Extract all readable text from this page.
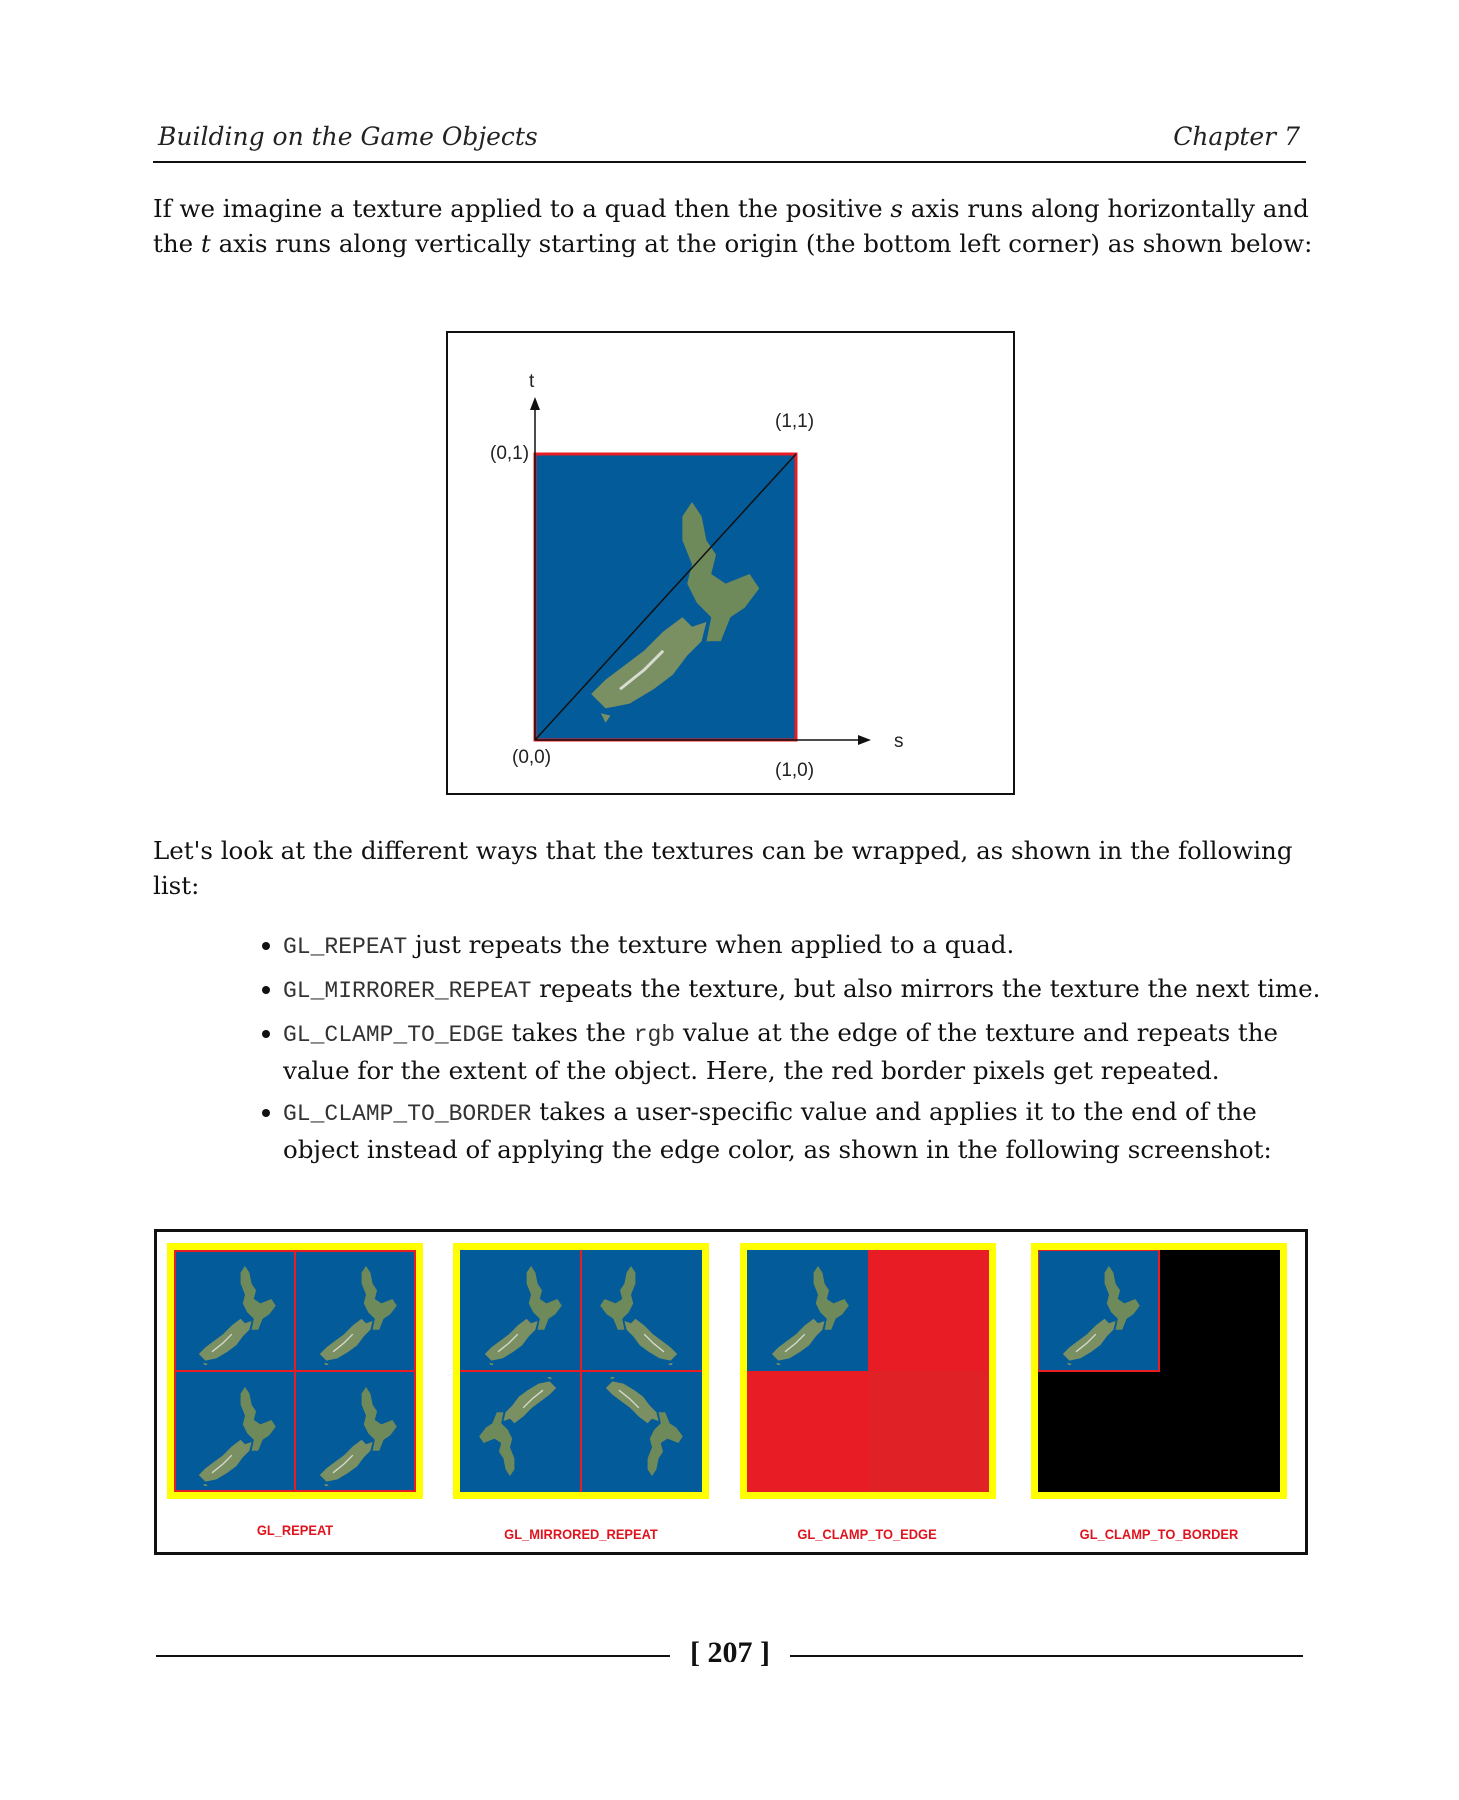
Building on the Game Objects	Chapter 7

If we imagine a texture applied to a quad then the positive s axis runs along horizontally and the t axis runs along vertically starting at the origin (the bottom left corner) as shown below:

t
s
(0,1)
(1,1)
(0,0)
(1,0)

Let's look at the different ways that the textures can be wrapped, as shown in the following list:

GL_REPEAT just repeats the texture when applied to a quad.
GL_MIRRORER_REPEAT repeats the texture, but also mirrors the texture the next time.
GL_CLAMP_TO_EDGE takes the rgb value at the edge of the texture and repeats the value for the extent of the object. Here, the red border pixels get repeated.
GL_CLAMP_TO_BORDER takes a user-specific value and applies it to the end of the object instead of applying the edge color, as shown in the following screenshot:
GL_REPEAT	GL_MIRRORED_REPEAT	GL_CLAMP_TO_EDGE	GL_CLAMP_TO_BORDER
[ 207 ]
